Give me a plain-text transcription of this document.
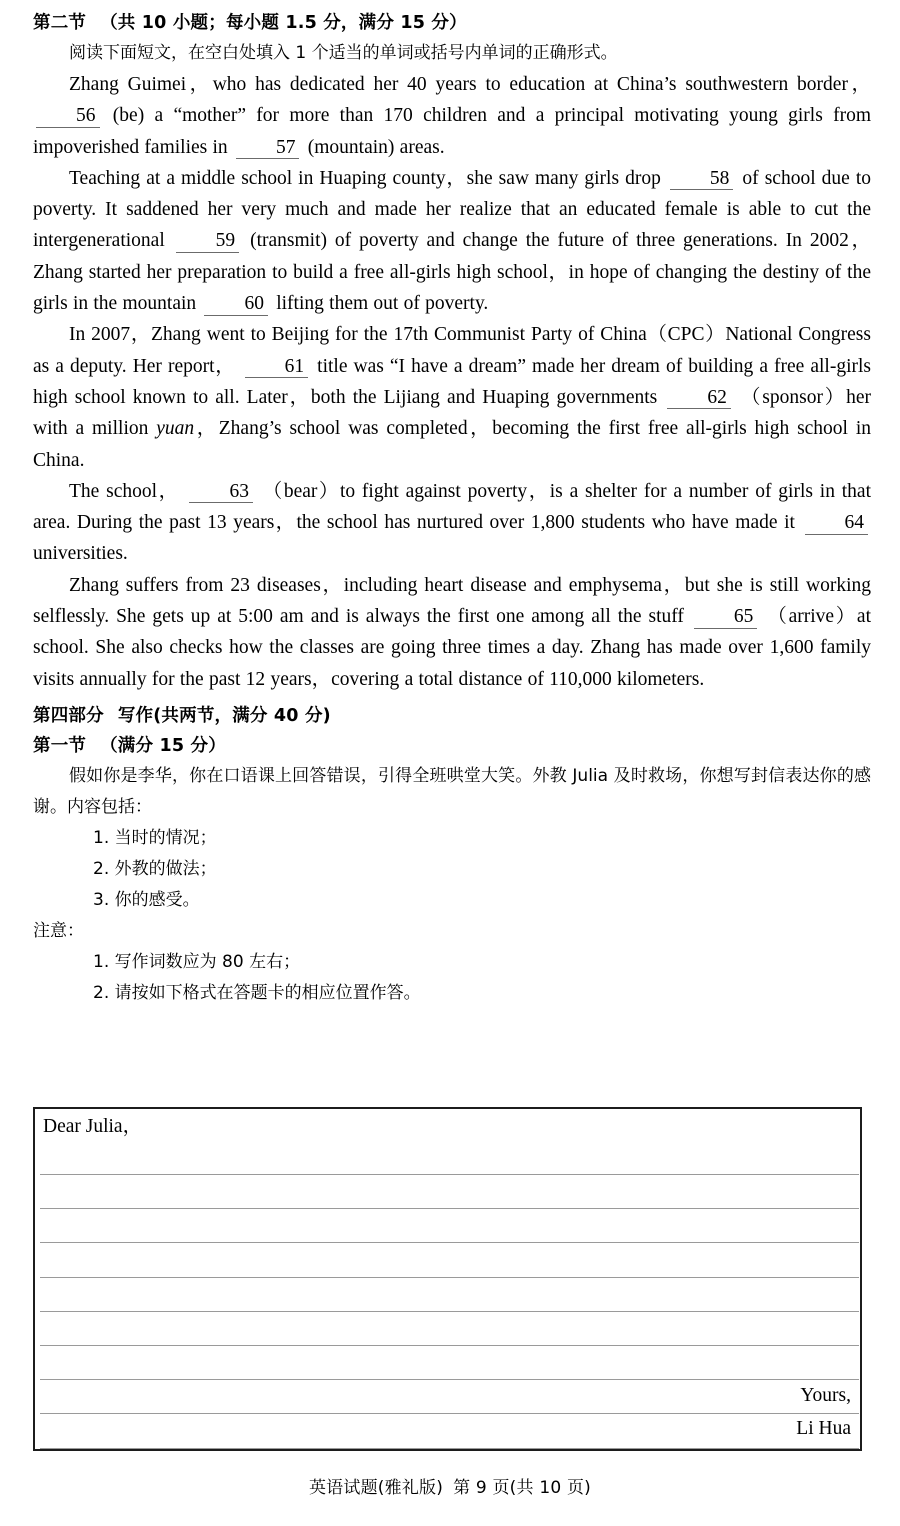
第二节 （共 10 小题；每小题 1.5 分，满分 15 分）
阅读下面短文，在空白处填入 1 个适当的单词或括号内单词的正确形式。
Zhang Guimei，who has dedicated her 40 years to education at China’s southwestern border， 56 (be) a “mother” for more than 170 children and a principal motivating young girls from impoverished families in 57 (mountain) areas.
Teaching at a middle school in Huaping county，she saw many girls drop	58 of school due to poverty. It saddened her very much and made her realize that an educated female is able to cut the intergenerational	59 (transmit) of poverty and change the future of three generations. In 2002，Zhang started her preparation to build a free all-girls high school，in hope of changing the destiny of the girls in the mountain 60 lifting them out of poverty.
In 2007，Zhang went to Beijing for the 17th Communist Party of China（CPC）National Congress as a deputy. Her report，	61 title was “I have a dream” made her dream of building a free all-girls high school known to all. Later，both the Lijiang and Huaping governments	62 （sponsor）her with a million yuan，Zhang’s school was completed，becoming the first free all-girls high school in China.
The school，	63 （bear）to fight against poverty，is a shelter for a number of girls in that area. During the past 13 years，the school has nurtured over 1,800 students who have made it	64 universities.
Zhang suffers from 23 diseases，including heart disease and emphysema，but she is still working selflessly. She gets up at 5:00 am and is always the first one among all the stuff	65 （arrive）at school. She also checks how the classes are going three times a day. Zhang has made over 1,600 family visits annually for the past 12 years，covering a total distance of 110,000 kilometers.
第四部分 写作(共两节，满分 40 分)
第一节 （满分 15 分）
假如你是李华，你在口语课上回答错误，引得全班哄堂大笑。外教 Julia 及时救场，你想写封信表达你的感谢。内容包括：
1. 当时的情况；
2. 外教的做法；
3. 你的感受。
注意：
1. 写作词数应为 80 左右；
2. 请按如下格式在答题卡的相应位置作答。
Dear Julia，
Yours,
Li Hua
英语试题(雅礼版) 第 9 页(共 10 页)
